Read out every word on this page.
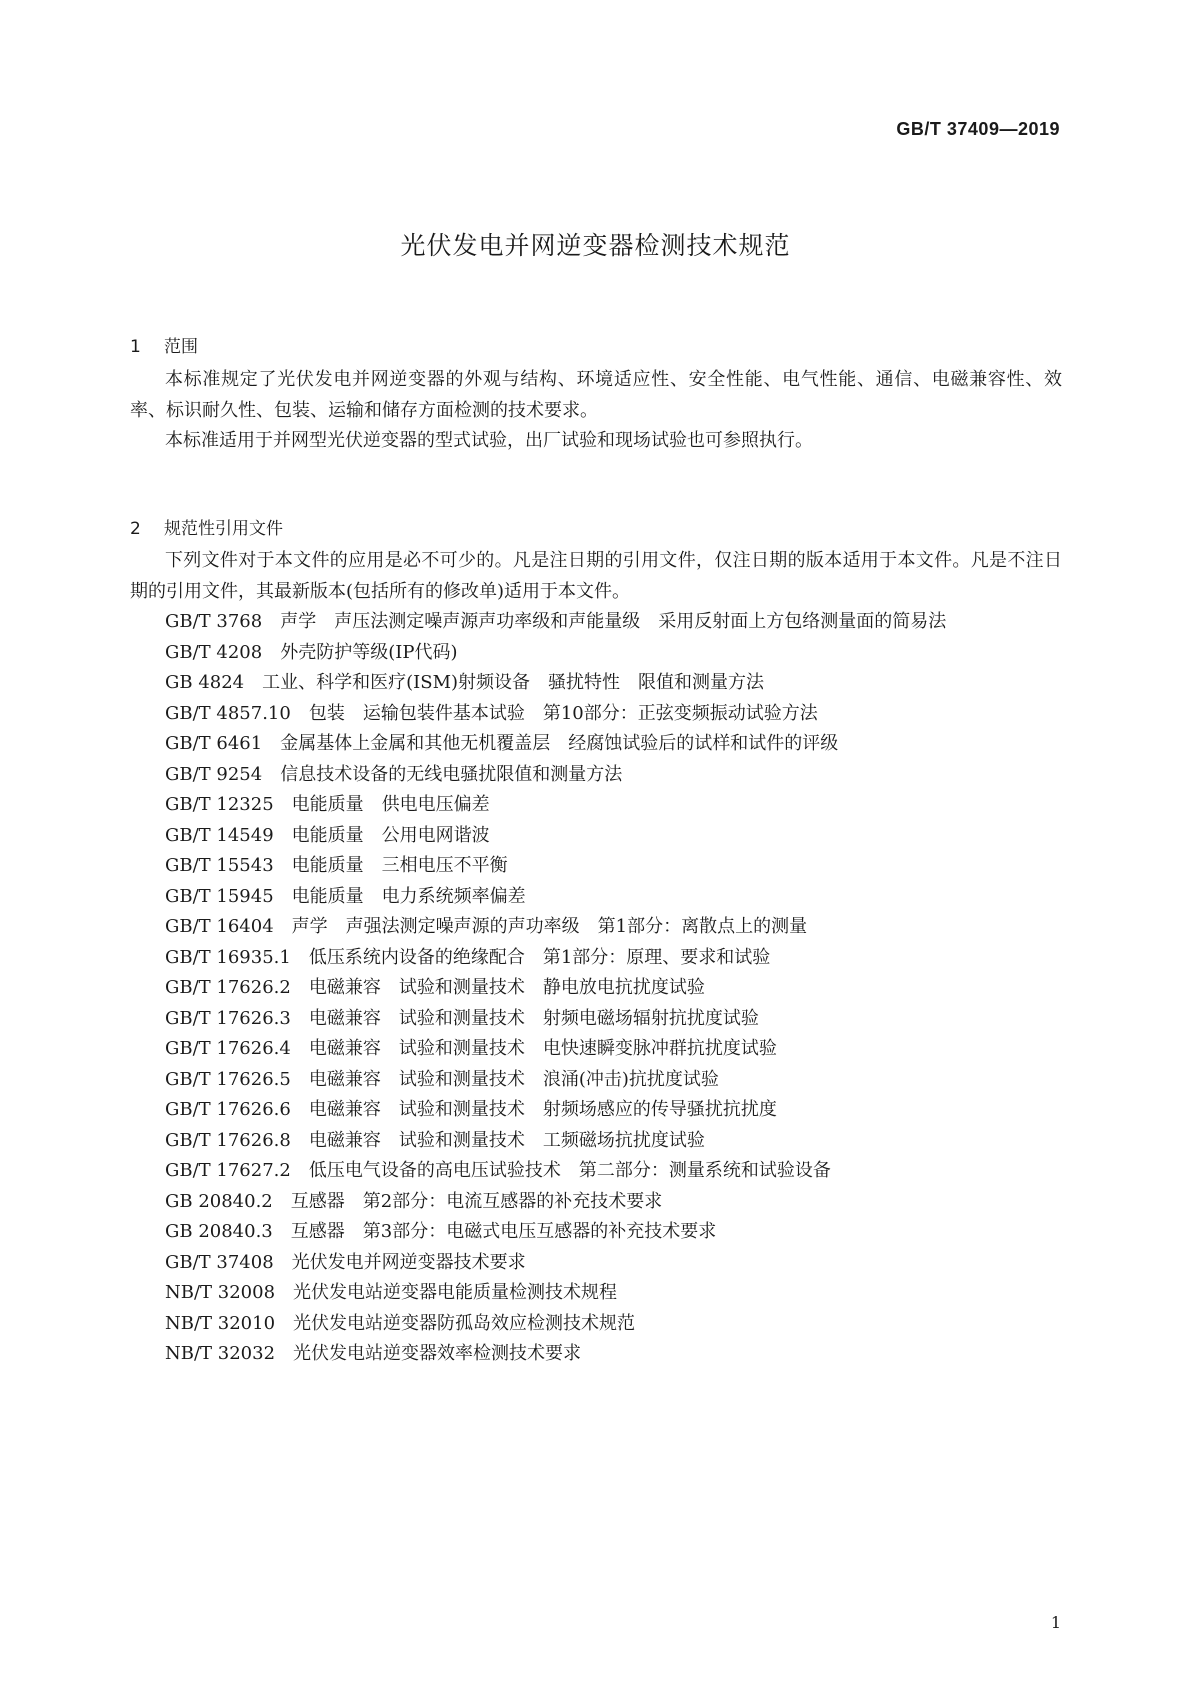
GB/T 37409—2019
光伏发电并网逆变器检测技术规范
1 范围

本标准规定了光伏发电并网逆变器的外观与结构、环境适应性、安全性能、电气性能、通信、电磁兼容性、效率、标识耐久性、包装、运输和储存方面检测的技术要求。

本标准适用于并网型光伏逆变器的型式试验，出厂试验和现场试验也可参照执行。

2 规范性引用文件

下列文件对于本文件的应用是必不可少的。凡是注日期的引用文件，仅注日期的版本适用于本文件。凡是不注日期的引用文件，其最新版本(包括所有的修改单)适用于本文件。

GB/T 3768　声学　声压法测定噪声源声功率级和声能量级　采用反射面上方包络测量面的简易法
GB/T 4208　外壳防护等级(IP代码)
GB 4824　工业、科学和医疗(ISM)射频设备　骚扰特性　限值和测量方法
GB/T 4857.10　包装　运输包装件基本试验　第10部分：正弦变频振动试验方法
GB/T 6461　金属基体上金属和其他无机覆盖层　经腐蚀试验后的试样和试件的评级
GB/T 9254　信息技术设备的无线电骚扰限值和测量方法
GB/T 12325　电能质量　供电电压偏差
GB/T 14549　电能质量　公用电网谐波
GB/T 15543　电能质量　三相电压不平衡
GB/T 15945　电能质量　电力系统频率偏差
GB/T 16404　声学　声强法测定噪声源的声功率级　第1部分：离散点上的测量
GB/T 16935.1　低压系统内设备的绝缘配合　第1部分：原理、要求和试验
GB/T 17626.2　电磁兼容　试验和测量技术　静电放电抗扰度试验
GB/T 17626.3　电磁兼容　试验和测量技术　射频电磁场辐射抗扰度试验
GB/T 17626.4　电磁兼容　试验和测量技术　电快速瞬变脉冲群抗扰度试验
GB/T 17626.5　电磁兼容　试验和测量技术　浪涌(冲击)抗扰度试验
GB/T 17626.6　电磁兼容　试验和测量技术　射频场感应的传导骚扰抗扰度
GB/T 17626.8　电磁兼容　试验和测量技术　工频磁场抗扰度试验
GB/T 17627.2　低压电气设备的高电压试验技术　第二部分：测量系统和试验设备
GB 20840.2　互感器　第2部分：电流互感器的补充技术要求
GB 20840.3　互感器　第3部分：电磁式电压互感器的补充技术要求
GB/T 37408　光伏发电并网逆变器技术要求
NB/T 32008　光伏发电站逆变器电能质量检测技术规程
NB/T 32010　光伏发电站逆变器防孤岛效应检测技术规范
NB/T 32032　光伏发电站逆变器效率检测技术要求
1
